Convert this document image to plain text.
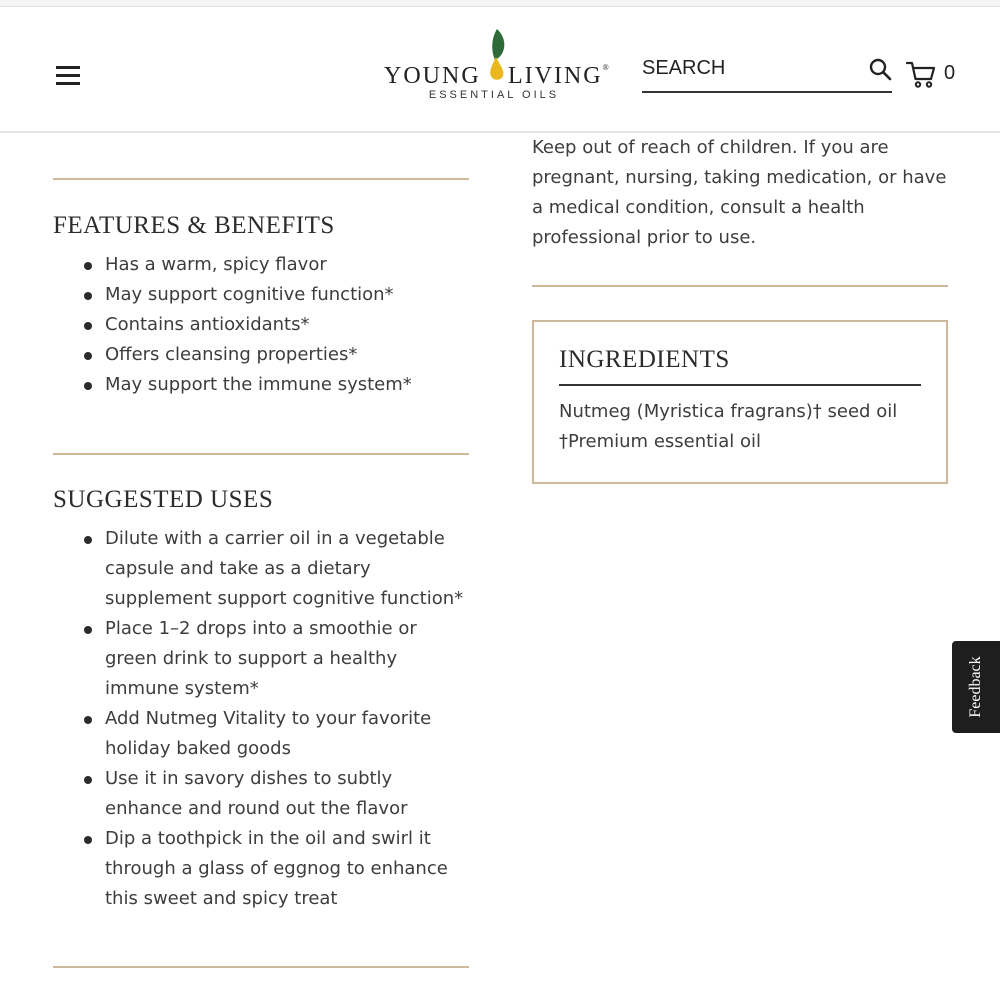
YOUNG LIVING®
ESSENTIAL OILS
SEARCH
0
FEATURES & BENEFITS
Has a warm, spicy flavor
May support cognitive function*
Contains antioxidants*
Offers cleansing properties*
May support the immune system*
SUGGESTED USES
Dilute with a carrier oil in a vegetable capsule and take as a dietary supplement support cognitive function*
Place 1–2 drops into a smoothie or green drink to support a healthy immune system*
Add Nutmeg Vitality to your favorite holiday baked goods
Use it in savory dishes to subtly enhance and round out the flavor
Dip a toothpick in the oil and swirl it through a glass of eggnog to enhance this sweet and spicy treat

Keep out of reach of children. If you are pregnant, nursing, taking medication, or have a medical condition, consult a health professional prior to use.

INGREDIENTS
Nutmeg (Myristica fragrans)† seed oil
†Premium essential oil
Feedback
